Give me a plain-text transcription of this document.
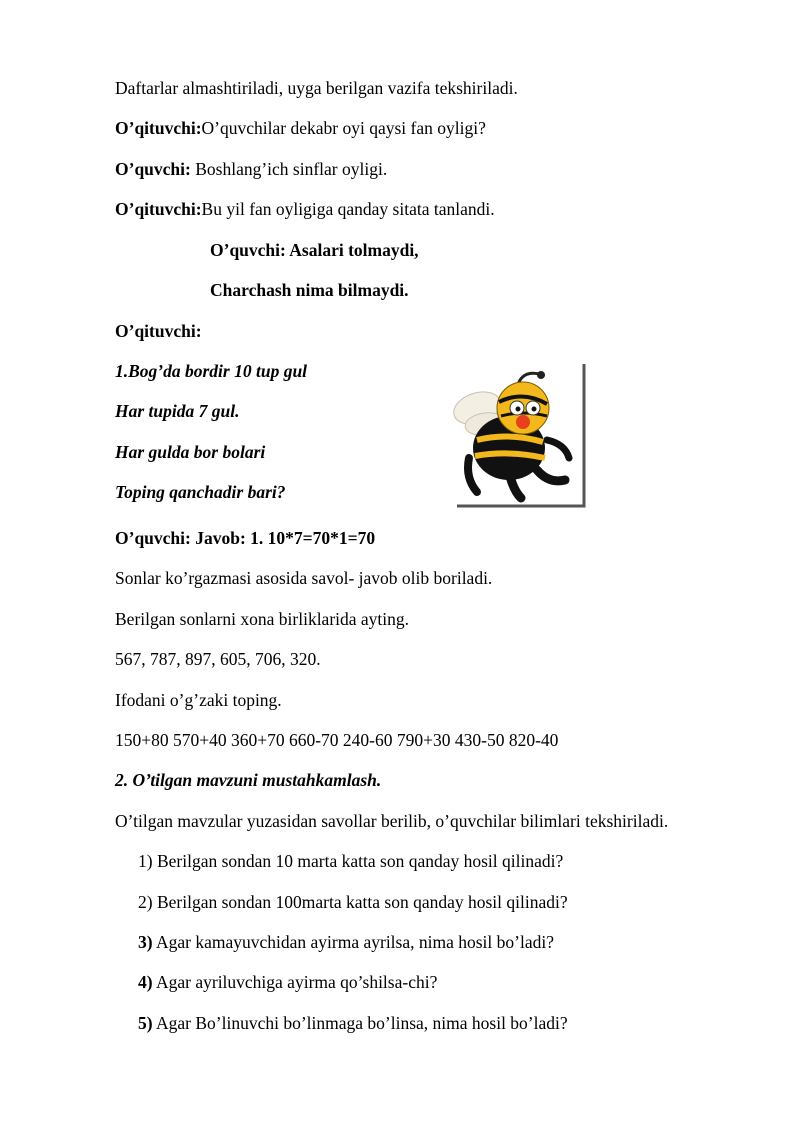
Daftarlar almashtiriladi, uyga berilgan vazifa tekshiriladi.
O’qituvchi:O’quvchilar dekabr oyi qaysi fan oyligi?
O’quvchi: Boshlang’ich sinflar oyligi.
O’qituvchi:Bu yil fan oyligiga qanday sitata tanlandi.
O’quvchi: Asalari tolmaydi,
Charchash nima bilmaydi.
O’qituvchi:
1.Bog’da bordir 10 tup gul
Har tupida 7 gul.
Har gulda bor bolari
Toping qanchadir bari?
O’quvchi: Javob: 1. 10*7=70*1=70
Sonlar ko’rgazmasi asosida savol- javob olib boriladi.
Berilgan sonlarni xona birliklarida ayting.
567, 787, 897, 605, 706, 320.
Ifodani o’g’zaki toping.
150+80 570+40 360+70 660-70 240-60 790+30 430-50 820-40
2. O’tilgan mavzuni mustahkamlash.
O’tilgan mavzular yuzasidan savollar berilib, o’quvchilar bilimlari tekshiriladi.
1) Berilgan sondan 10 marta katta son qanday hosil qilinadi?
2) Berilgan sondan 100marta katta son qanday hosil qilinadi?
3) Agar kamayuvchidan ayirma ayrilsa, nima hosil bo’ladi?
4) Agar ayriluvchiga ayirma qo’shilsa-chi?
5) Agar Bo’linuvchi bo’linmaga bo’linsa, nima hosil bo’ladi?
